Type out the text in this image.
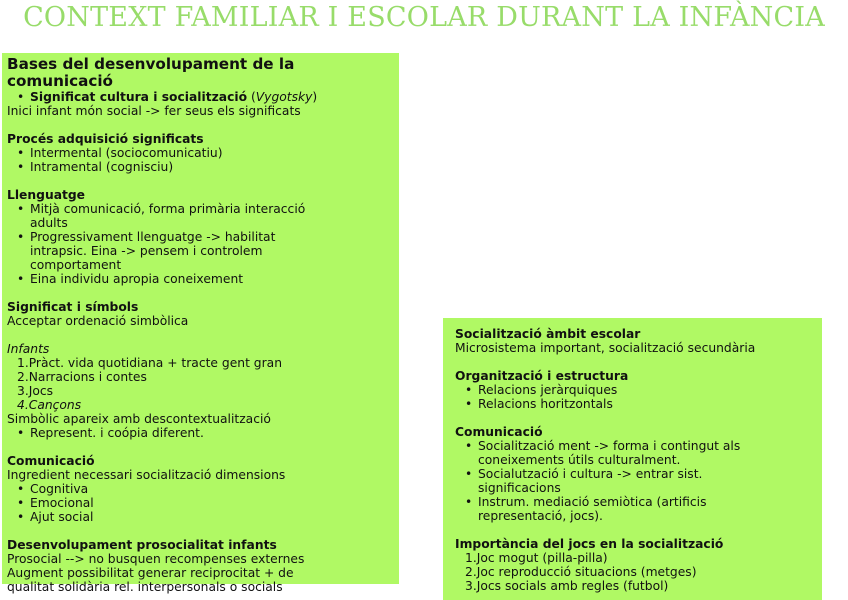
CONTEXT FAMILIAR I ESCOLAR DURANT LA INFÀNCIA
Bases del desenvolupament de la comunicació
• Significat cultura i socialització (Vygotsky)
Inici infant món social -> fer seus els significats
Procés adquisició significats
• Intermental (sociocomunicatiu)
• Intramental (cognisciu)
Llenguatge
• Mitjà comunicació, forma primària interacció adults
• Progressivament llenguatge -> habilitat intrapsic. Eina -> pensem i controlem comportament
• Eina individu apropia coneixement
Significat i símbols
Acceptar ordenació simbòlica
Infants
1.Pràct. vida quotidiana + tracte gent gran
2.Narracions i contes
3.Jocs
4.Cançons
Simbòlic apareix amb descontextualització
• Represent. i coópia diferent.
Comunicació
Ingredient necessari socialització dimensions
• Cognitiva
• Emocional
• Ajut social
Desenvolupament prosocialitat infants
Prosocial --> no busquen recompenses externes
Augment possibilitat generar reciprocitat + de
qualitat solidària rel. interpersonals o socials
Socialització àmbit escolar
Microsistema important, socialització secundària
Organització i estructura
• Relacions jeràrquiques
• Relacions horitzontals
Comunicació
• Socialització ment -> forma i contingut als coneixements útils culturalment.
• Socialutzació i cultura -> entrar sist. significacions
• Instrum. mediació semiòtica (artificis representació, jocs).
Importància del jocs en la socialització
1.Joc mogut (pilla-pilla)
2.Joc reproducció situacions (metges)
3.Jocs socials amb regles (futbol)
